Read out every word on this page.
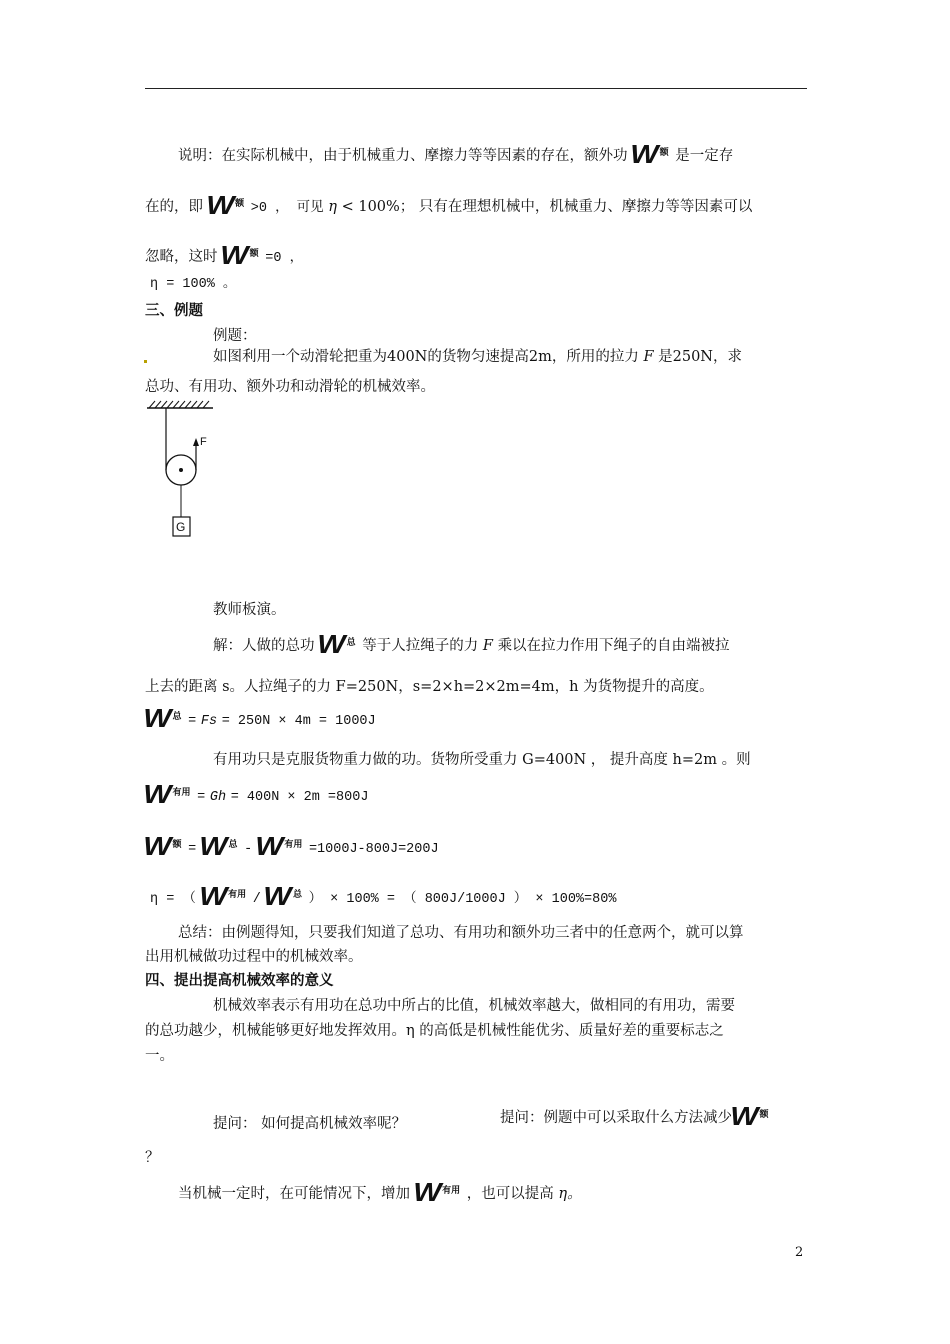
说明：在实际机械中，由于机械重力、摩擦力等等因素的存在，额外功 W $^额$ 是一定存
在的，即 W $^额$ >0 ， 可见 η < 100%； 只有在理想机械中，机械重力、摩擦力等等因素可以
忽略，这时 W $^额$ =0 ，
η = 100% 。
三、例题
例题：
如图利用一个动滑轮把重为400N的货物匀速提高2m，所用的拉力 F 是250N，求
总功、有用功、额外功和动滑轮的机械效率。
F
G
教师板演。
解：人做的总功 W $^总$ 等于人拉绳子的力 F 乘以在拉力作用下绳子的自由端被拉
上去的距离 s。人拉绳子的力 F=250N，s=2×h=2×2m=4m，h 为货物提升的高度。
W $^总$ = Fs = 250N × 4m = 1000J
有用功只是克服货物重力做的功。货物所受重力 G=400N ， 提升高度 h=2m 。则
W $^{有用}$ = Gh = 400N × 2m =800J
W $^额$ = W $^总$ - W $^{有用}$ =1000J-800J=200J
η = （ W $^{有用}$ / W $^总$ ） × 100% = （ 800J/1000J ） × 100%=80%
总结：由例题得知，只要我们知道了总功、有用功和额外功三者中的任意两个，就可以算
出用机械做功过程中的机械效率。
四、提出提高机械效率的意义
机械效率表示有用功在总功中所占的比值，机械效率越大，做相同的有用功，需要
的总功越少，机械能够更好地发挥效用。η 的高低是机械性能优劣、质量好差的重要标志之
一。
提问： 如何提高机械效率呢？	提问：例题中可以采取什么方法减少W $^额$
？
当机械一定时，在可能情况下，增加 W $^{有用}$ ，也可以提高 η。
2
